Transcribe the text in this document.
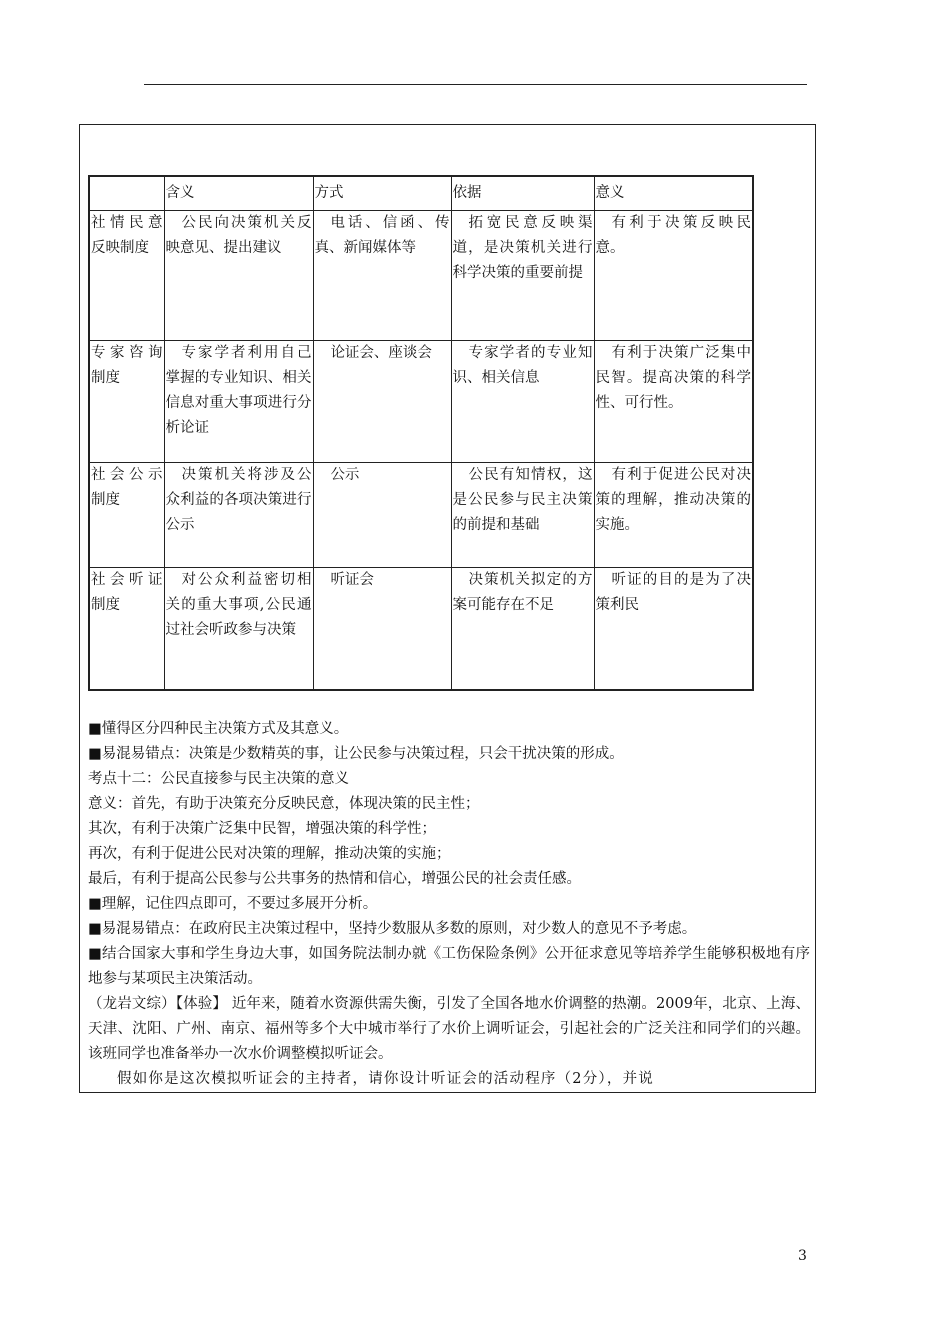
	含义	方式	依据	意义
社情民意反映制度	公民向决策机关反映意见、提出建议	电话、信函、传真、新闻媒体等	拓宽民意反映渠道，是决策机关进行科学决策的重要前提	有利于决策反映民意。
专家咨询制度	专家学者利用自己掌握的专业知识、相关信息对重大事项进行分析论证	论证会、座谈会	专家学者的专业知识、相关信息	有利于决策广泛集中民智。提高决策的科学性、可行性。
社会公示制度	决策机关将涉及公众利益的各项决策进行公示	公示	公民有知情权，这是公民参与民主决策的前提和基础	有利于促进公民对决策的理解，推动决策的实施。
社会听证制度	对公众利益密切相关的重大事项,公民通过社会听政参与决策	听证会	决策机关拟定的方案可能存在不足	听证的目的是为了决策利民

■懂得区分四种民主决策方式及其意义。

■易混易错点：决策是少数精英的事，让公民参与决策过程，只会干扰决策的形成。

考点十二：公民直接参与民主决策的意义

意义：首先，有助于决策充分反映民意，体现决策的民主性；

其次，有利于决策广泛集中民智，增强决策的科学性；

再次，有利于促进公民对决策的理解，推动决策的实施；

最后，有利于提高公民参与公共事务的热情和信心，增强公民的社会责任感。

■理解，记住四点即可，不要过多展开分析。

■易混易错点：在政府民主决策过程中，坚持少数服从多数的原则，对少数人的意见不予考虑。

■结合国家大事和学生身边大事，如国务院法制办就《工伤保险条例》公开征求意见等培养学生能够积极地有序地参与某项民主决策活动。

（龙岩文综）【体验】 近年来，随着水资源供需失衡，引发了全国各地水价调整的热潮。2009年，北京、上海、天津、沈阳、广州、南京、福州等多个大中城市举行了水价上调听证会，引起社会的广泛关注和同学们的兴趣。该班同学也准备举办一次水价调整模拟听证会。

假如你是这次模拟听证会的主持者，请你设计听证会的活动程序（2分），并说

3
